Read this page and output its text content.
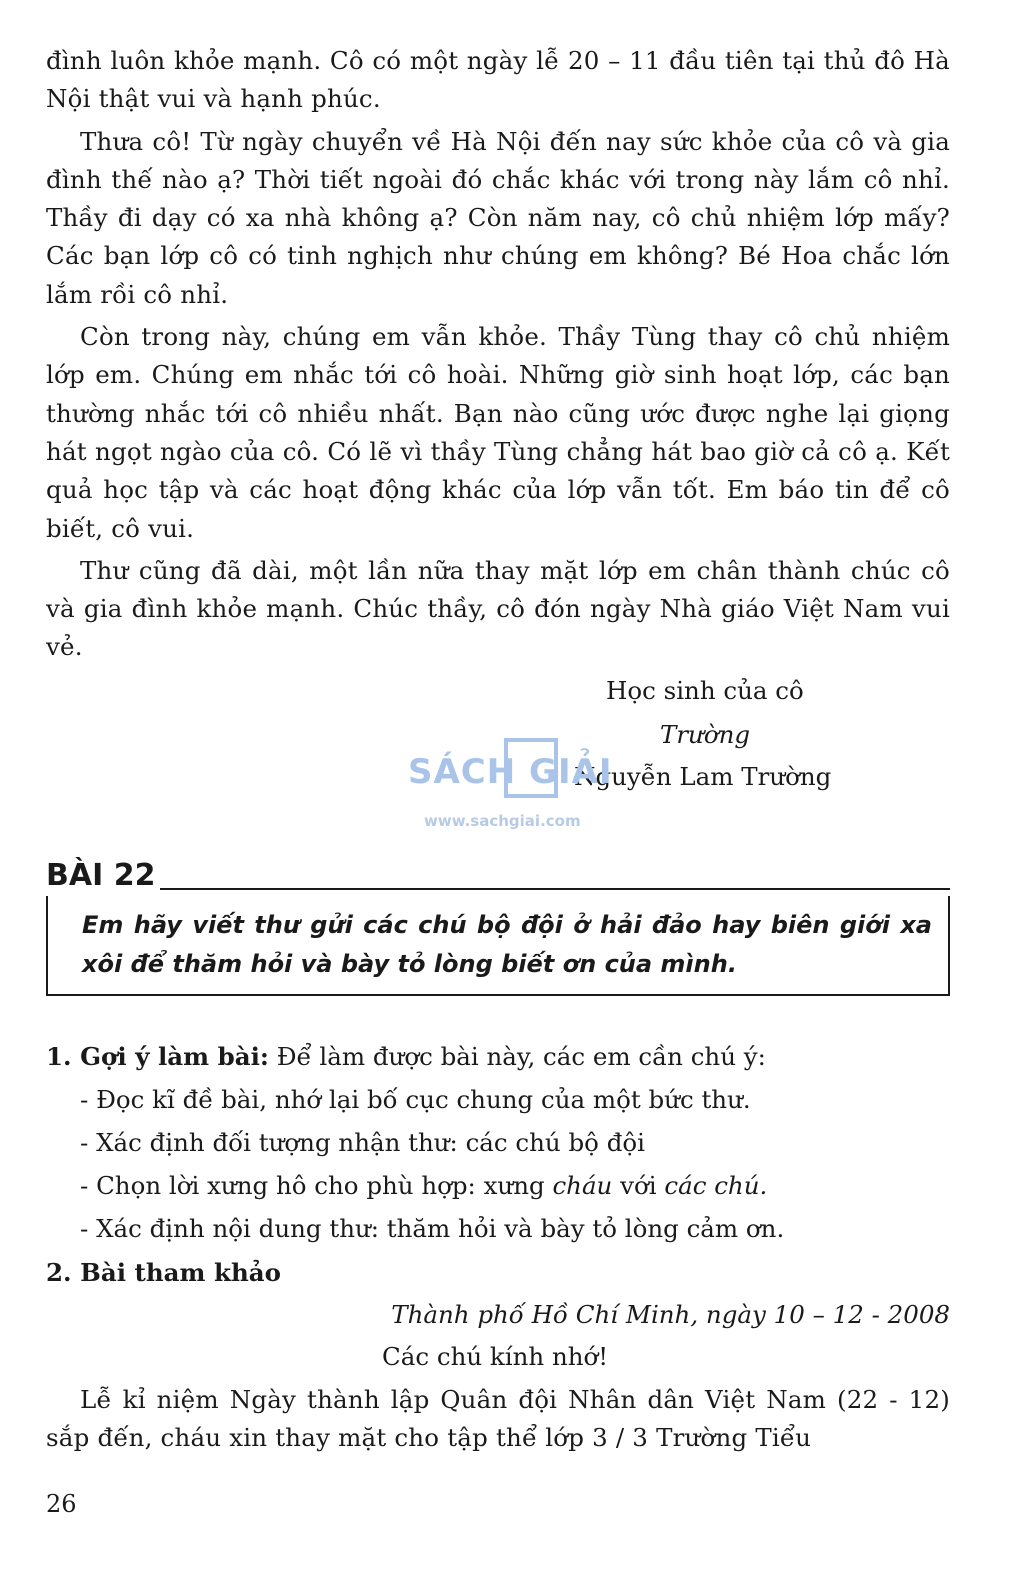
đình luôn khỏe mạnh. Cô có một ngày lễ 20 – 11 đầu tiên tại thủ đô Hà Nội thật vui và hạnh phúc.

Thưa cô! Từ ngày chuyển về Hà Nội đến nay sức khỏe của cô và gia đình thế nào ạ? Thời tiết ngoài đó chắc khác với trong này lắm cô nhỉ. Thầy đi dạy có xa nhà không ạ? Còn năm nay, cô chủ nhiệm lớp mấy? Các bạn lớp cô có tinh nghịch như chúng em không? Bé Hoa chắc lớn lắm rồi cô nhỉ.

Còn trong này, chúng em vẫn khỏe. Thầy Tùng thay cô chủ nhiệm lớp em. Chúng em nhắc tới cô hoài. Những giờ sinh hoạt lớp, các bạn thường nhắc tới cô nhiều nhất. Bạn nào cũng ước được nghe lại giọng hát ngọt ngào của cô. Có lẽ vì thầy Tùng chẳng hát bao giờ cả cô ạ. Kết quả học tập và các hoạt động khác của lớp vẫn tốt. Em báo tin để cô biết, cô vui.

Thư cũng đã dài, một lần nữa thay mặt lớp em chân thành chúc cô và gia đình khỏe mạnh. Chúc thầy, cô đón ngày Nhà giáo Việt Nam vui vẻ.

Học sinh của cô
Trường
Nguyễn Lam Trường
SÁCH GIẢI
www.sachgiai.com
BÀI 22
Em hãy viết thư gửi các chú bộ đội ở hải đảo hay biên giới xa xôi để thăm hỏi và bày tỏ lòng biết ơn của mình.
1. Gợi ý làm bài: Để làm được bài này, các em cần chú ý:
- Đọc kĩ đề bài, nhớ lại bố cục chung của một bức thư.
- Xác định đối tượng nhận thư: các chú bộ đội
- Chọn lời xưng hô cho phù hợp: xưng cháu với các chú.
- Xác định nội dung thư: thăm hỏi và bày tỏ lòng cảm ơn.
2. Bài tham khảo
Thành phố Hồ Chí Minh, ngày 10 – 12 - 2008
Các chú kính nhớ!

Lễ kỉ niệm Ngày thành lập Quân đội Nhân dân Việt Nam (22 - 12) sắp đến, cháu xin thay mặt cho tập thể lớp 3 / 3 Trường Tiểu

26
